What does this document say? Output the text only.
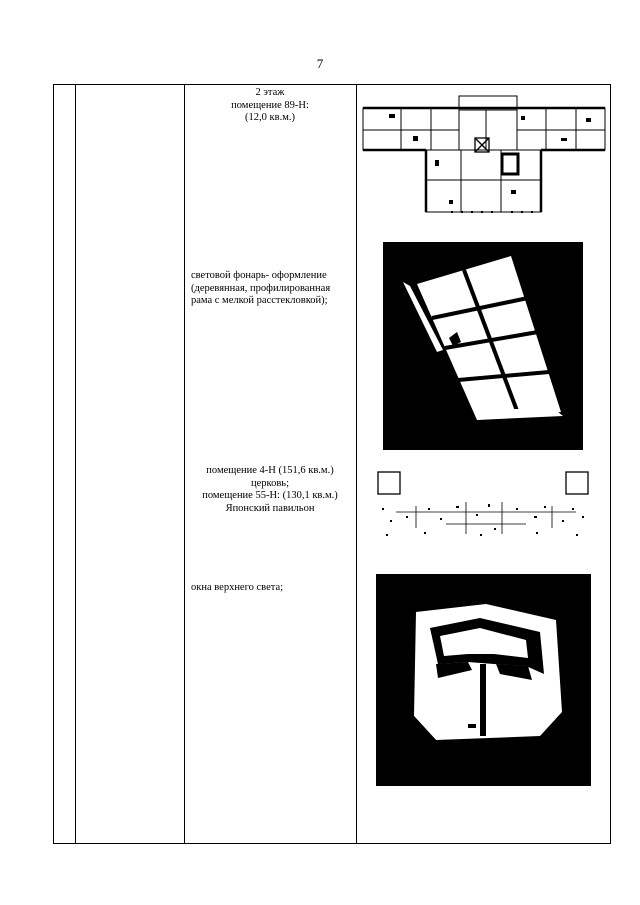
7
2 этаж
помещение 89-Н:
(12,0 кв.м.)
световой фонарь- оформление
(деревянная, профилированная
рама с мелкой расстекловкой);
помещение 4-Н (151,6 кв.м.)
церковь;
помещение 55-Н: (130,1 кв.м.)
Японский павильон
окна верхнего света;
